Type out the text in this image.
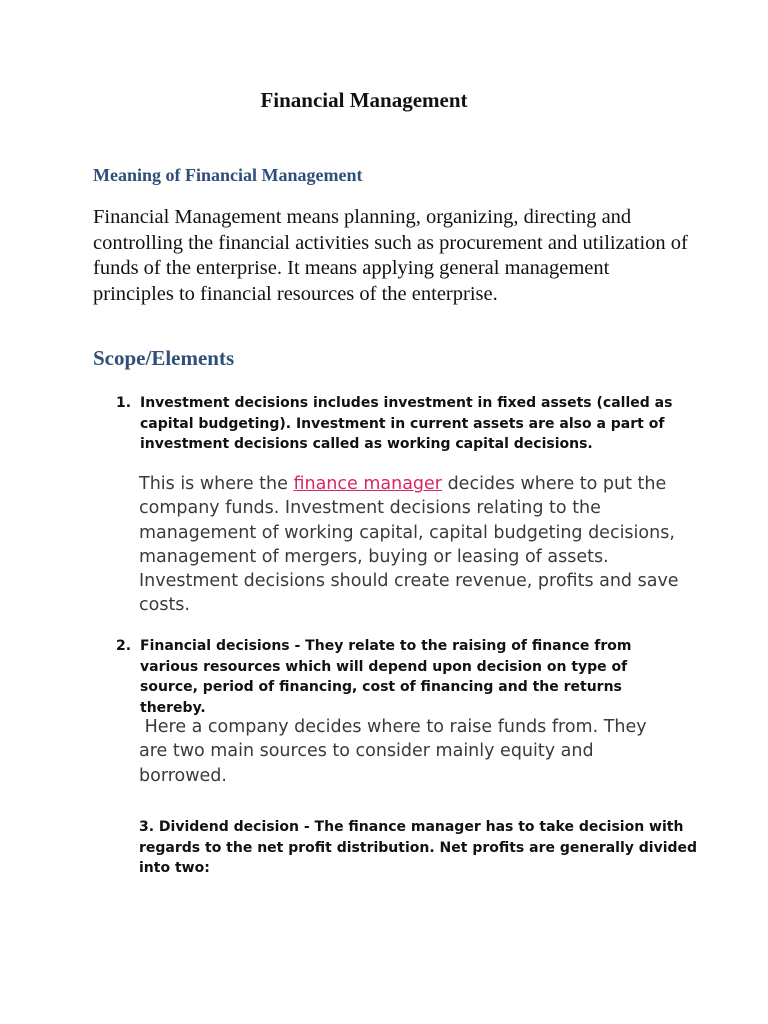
Financial Management
Meaning of Financial Management
Financial Management means planning, organizing, directing and controlling the financial activities such as procurement and utilization of funds of the enterprise. It means applying general management principles to financial resources of the enterprise.
Scope/Elements
1. Investment decisions includes investment in fixed assets (called as capital budgeting). Investment in current assets are also a part of investment decisions called as working capital decisions.
This is where the finance manager decides where to put the company funds. Investment decisions relating to the management of working capital, capital budgeting decisions, management of mergers, buying or leasing of assets. Investment decisions should create revenue, profits and save costs.
2. Financial decisions - They relate to the raising of finance from various resources which will depend upon decision on type of source, period of financing, cost of financing and the returns thereby.
Here a company decides where to raise funds from. They are two main sources to consider mainly equity and borrowed.
3. Dividend decision - The finance manager has to take decision with regards to the net profit distribution. Net profits are generally divided into two:
